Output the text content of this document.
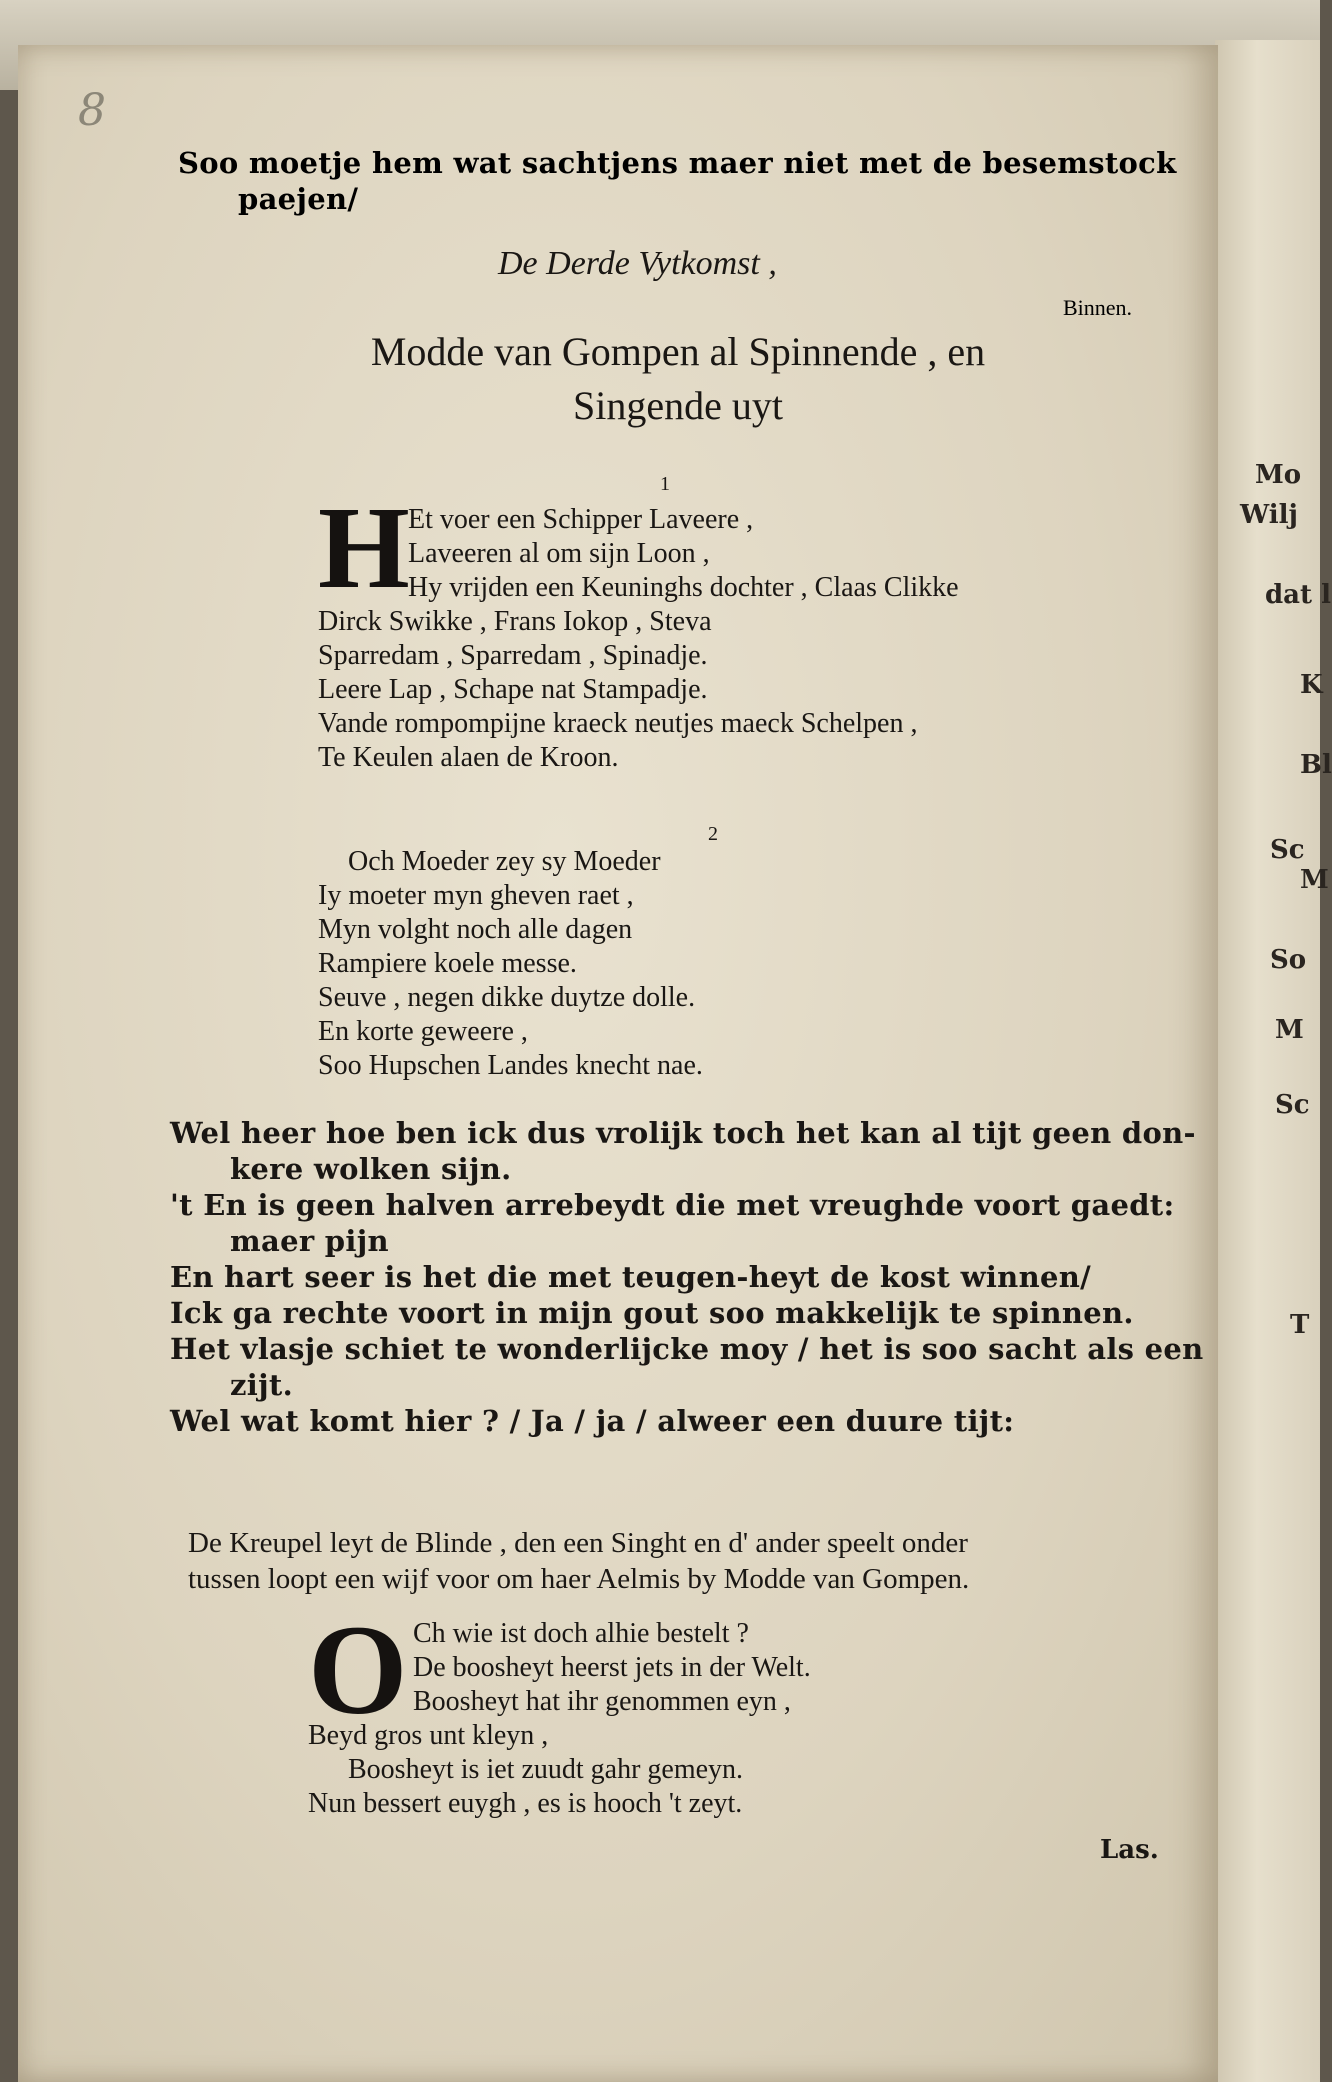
Mo
Wilj
dat l
K
Bl
Sc
M
So
M
Sc
T
8
Soo moetje hem wat sachtjens maer niet met de besemstock
paejen/
Binnen.
De Derde Vytkomst ,
Modde van Gompen al Spinnende , en
Singende uyt
1
H
Et voer een Schipper Laveere ,
Laveeren al om sijn Loon ,
Hy vrijden een Keuninghs dochter , Claas Clikke
Dirck Swikke , Frans Iokop , Steva
Sparredam , Sparredam , Spinadje.
Leere Lap , Schape nat Stampadje.
Vande rompompijne kraeck neutjes maeck Schelpen ,
Te Keulen alaen de Kroon.
2
Och Moeder zey sy Moeder
Iy moeter myn gheven raet ,
Myn volght noch alle dagen
Rampiere koele messe.
Seuve , negen dikke duytze dolle.
En korte geweere ,
Soo Hupschen Landes knecht nae.
Wel heer hoe ben ick dus vrolijk toch het kan al tijt geen don-
kere wolken sijn.
't En is geen halven arrebeydt die met vreughde voort gaedt:
maer pijn
En hart seer is het die met teugen-heyt de kost winnen/
Ick ga rechte voort in mijn gout soo makkelijk te spinnen.
Het vlasje schiet te wonderlijcke moy / het is soo sacht als een
zijt.
Wel wat komt hier ? / Ja / ja / alweer een duure tijt:
De Kreupel leyt de Blinde , den een Singht en d' ander speelt onder
tussen loopt een wijf voor om haer Aelmis by Modde van Gompen.
O Ch wie ist doch alhie bestelt ?
De boosheyt heerst jets in der Welt.
Boosheyt hat ihr genommen eyn ,
Beyd gros unt kleyn ,
Boosheyt is iet zuudt gahr gemeyn.
Nun bessert euygh , es is hooch 't zeyt.
Las.
